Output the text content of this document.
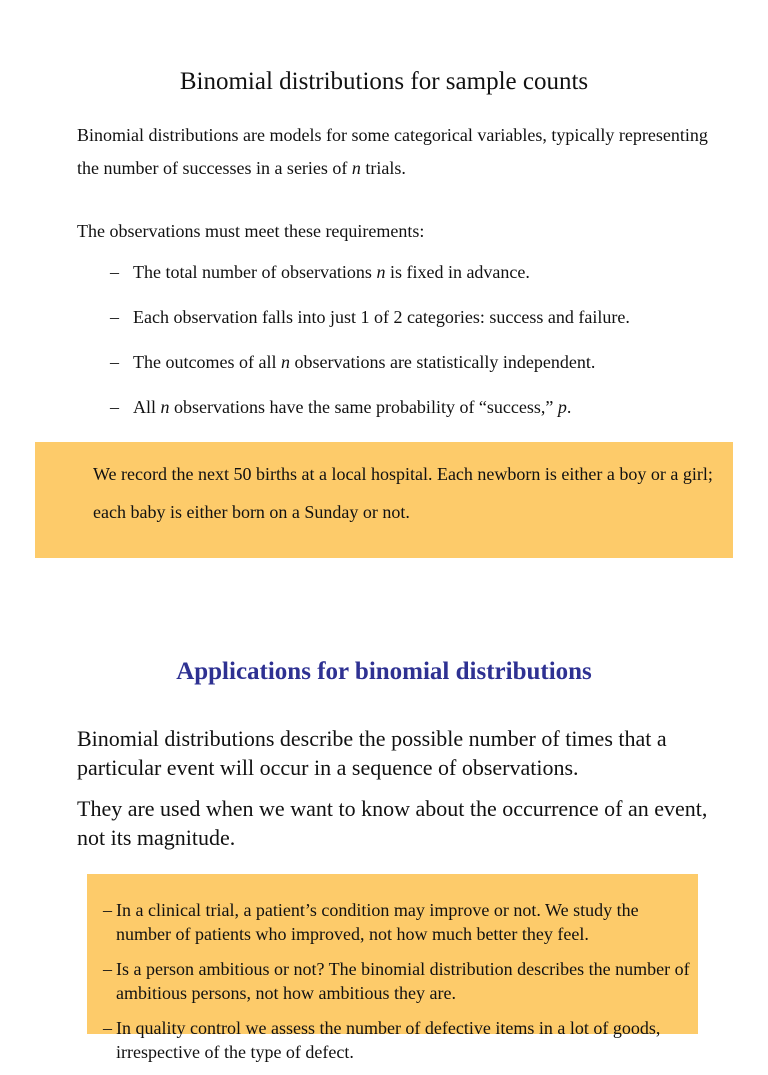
Binomial distributions for sample counts

Binomial distributions are models for some categorical variables, typically representing the number of successes in a series of n trials.

The observations must meet these requirements:

– The total number of observations n is fixed in advance.
– Each observation falls into just 1 of 2 categories: success and failure.
– The outcomes of all n observations are statistically independent.
– All n observations have the same probability of “success,” p.

We record the next 50 births at a local hospital. Each newborn is either a boy or a girl; each baby is either born on a Sunday or not.

Applications for binomial distributions

Binomial distributions describe the possible number of times that a particular event will occur in a sequence of observations.

They are used when we want to know about the occurrence of an event, not its magnitude.

– In a clinical trial, a patient’s condition may improve or not. We study the number of patients who improved, not how much better they feel.
– Is a person ambitious or not? The binomial distribution describes the number of ambitious persons, not how ambitious they are.
– In quality control we assess the number of defective items in a lot of goods, irrespective of the type of defect.
